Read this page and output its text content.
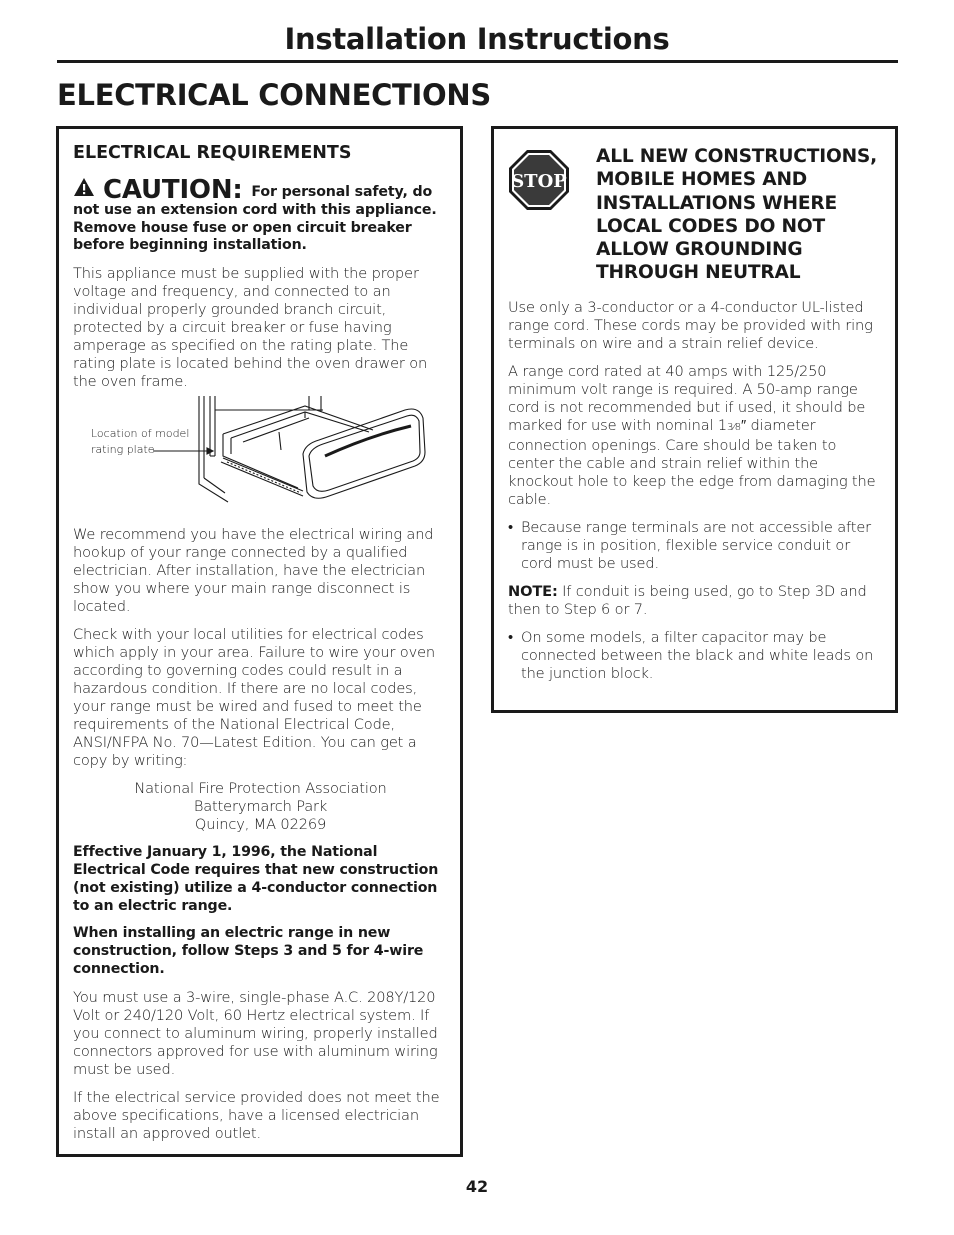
Installation Instructions
ELECTRICAL CONNECTIONS
ELECTRICAL REQUIREMENTS
CAUTION: For personal safety, do not use an extension cord with this appliance. Remove house fuse or open circuit breaker before beginning installation.

This appliance must be supplied with the proper voltage and frequency, and connected to an individual properly grounded branch circuit, protected by a circuit breaker or fuse having amperage as specified on the rating plate. The rating plate is located behind the oven drawer on the oven frame.

Location of model
rating plate

We recommend you have the electrical wiring and hookup of your range connected by a qualified electrician. After installation, have the electrician show you where your main range disconnect is located.

Check with your local utilities for electrical codes which apply in your area. Failure to wire your oven according to governing codes could result in a hazardous condition. If there are no local codes, your range must be wired and fused to meet the requirements of the National Electrical Code, ANSI/NFPA No. 70—Latest Edition. You can get a copy by writing:

National Fire Protection Association
Batterymarch Park
Quincy, MA 02269

Effective January 1, 1996, the National Electrical Code requires that new construction (not existing) utilize a 4-conductor connection to an electric range.

When installing an electric range in new construction, follow Steps 3 and 5 for 4-wire connection.

You must use a 3-wire, single-phase A.C. 208Y/120 Volt or 240/120 Volt, 60 Hertz electrical system. If you connect to aluminum wiring, properly installed connectors approved for use with aluminum wiring must be used.

If the electrical service provided does not meet the above specifications, have a licensed electrician install an approved outlet.

STOP
ALL NEW CONSTRUCTIONS, MOBILE HOMES AND INSTALLATIONS WHERE LOCAL CODES DO NOT ALLOW GROUNDING THROUGH NEUTRAL

Use only a 3-conductor or a 4-conductor UL-listed range cord. These cords may be provided with ring terminals on wire and a strain relief device.

A range cord rated at 40 amps with 125/250 minimum volt range is required. A 50-amp range cord is not recommended but if used, it should be marked for use with nominal 13⁄8″ diameter connection openings. Care should be taken to center the cable and strain relief within the knockout hole to keep the edge from damaging the cable.

• Because range terminals are not accessible after range is in position, flexible service conduit or cord must be used.

NOTE: If conduit is being used, go to Step 3D and then to Step 6 or 7.

• On some models, a filter capacitor may be connected between the black and white leads on the junction block.
42
